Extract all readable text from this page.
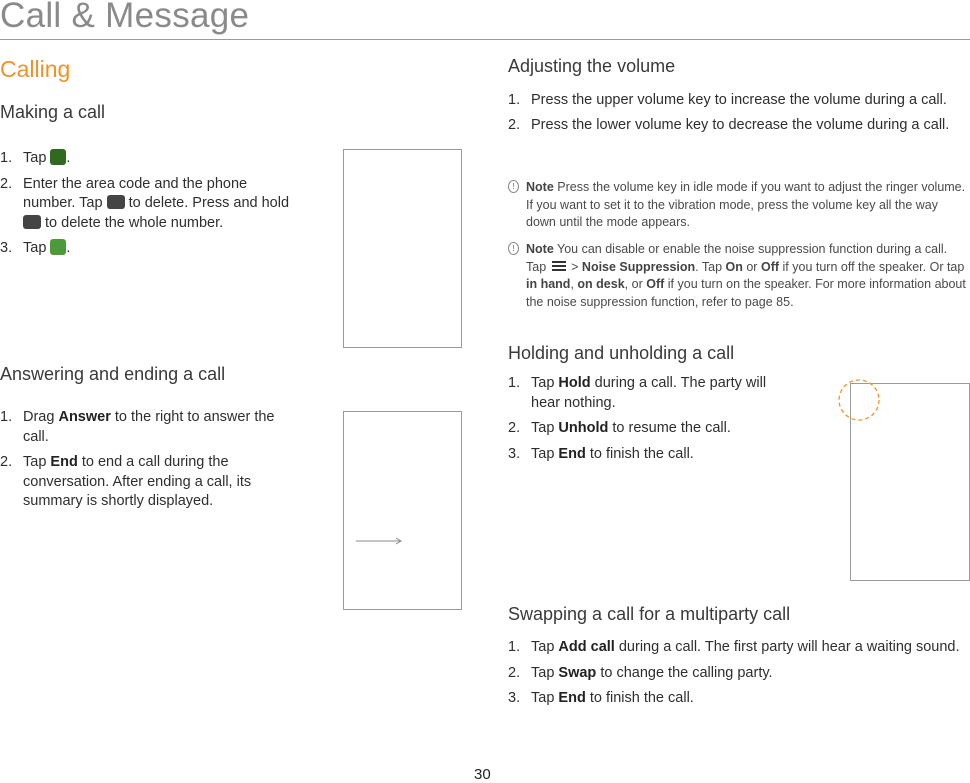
Call & Message
Calling
Making a call
1. Tap .
2. Enter the area code and the phone number. Tap to delete. Press and hold  to delete the whole number.
3. Tap .
Answering and ending a call
1. Drag Answer to the right to answer the call.
2. Tap End to end a call during the conversation. After ending a call, its summary is shortly displayed.
Adjusting the volume
1. Press the upper volume key to increase the volume during a call.
2. Press the lower volume key to decrease the volume during a call.
! Note Press the volume key in idle mode if you want to adjust the ringer volume. If you want to set it to the vibration mode, press the volume key all the way down until the mode appears.
! Note You can disable or enable the noise suppression function during a call. Tap > Noise Suppression. Tap On or Off if you turn off the speaker. Or tap in hand, on desk, or Off if you turn on the speaker. For more information about the noise suppression function, refer to page 85.
Holding and unholding a call
1. Tap Hold during a call. The party will hear nothing.
2. Tap Unhold to resume the call.
3. Tap End to finish the call.
Swapping a call for a multiparty call
1. Tap Add call during a call. The first party will hear a waiting sound.
2. Tap Swap to change the calling party.
3. Tap End to finish the call.
30
